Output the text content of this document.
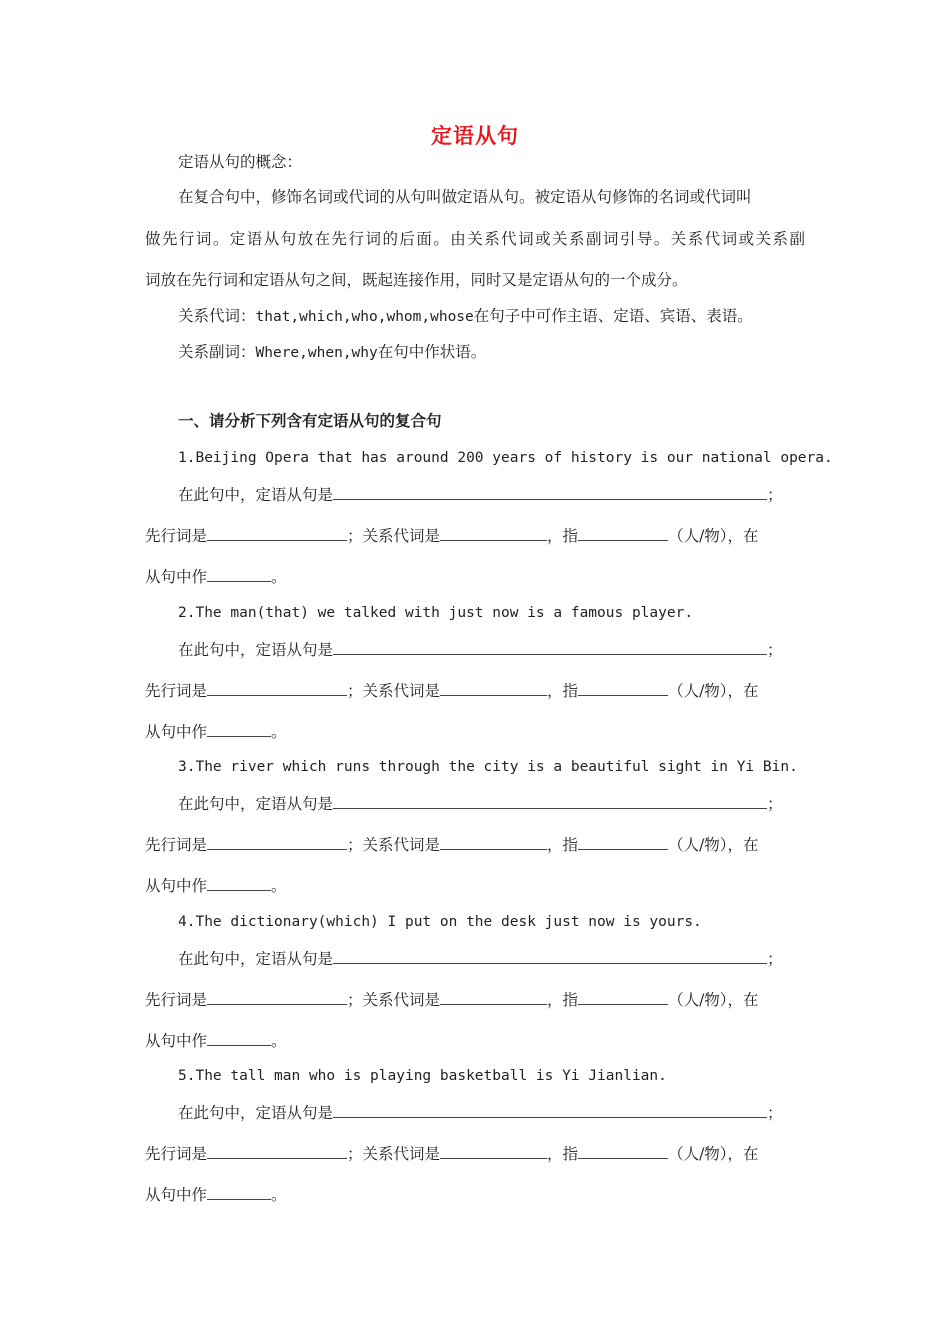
定语从句
定语从句的概念：
在复合句中，修饰名词或代词的从句叫做定语从句。被定语从句修饰的名词或代词叫
做先行词。定语从句放在先行词的后面。由关系代词或关系副词引导。关系代词或关系副
词放在先行词和定语从句之间，既起连接作用，同时又是定语从句的一个成分。
关系代词：that,which,who,whom,whose在句子中可作主语、定语、宾语、表语。
关系副词：Where,when,why在句中作状语。
一、请分析下列含有定语从句的复合句
1.Beijing Opera that has around 200 years of history is our national opera.
在此句中，定语从句是	；
先行词是	；关系代词是	，指	（人/物），在
从句中作	。
2.The man(that) we talked with just now is a famous player.
在此句中，定语从句是	；
先行词是	；关系代词是	，指	（人/物），在
从句中作	。
3.The river which runs through the city is a beautiful sight in Yi Bin.
在此句中，定语从句是	；
先行词是	；关系代词是	，指	（人/物），在
从句中作	。
4.The dictionary(which) I put on the desk just now is yours.
在此句中，定语从句是	；
先行词是	；关系代词是	，指	（人/物），在
从句中作	。
5.The tall man who is playing basketball is Yi Jianlian.
在此句中，定语从句是	；
先行词是	；关系代词是	，指	（人/物），在
从句中作	。
